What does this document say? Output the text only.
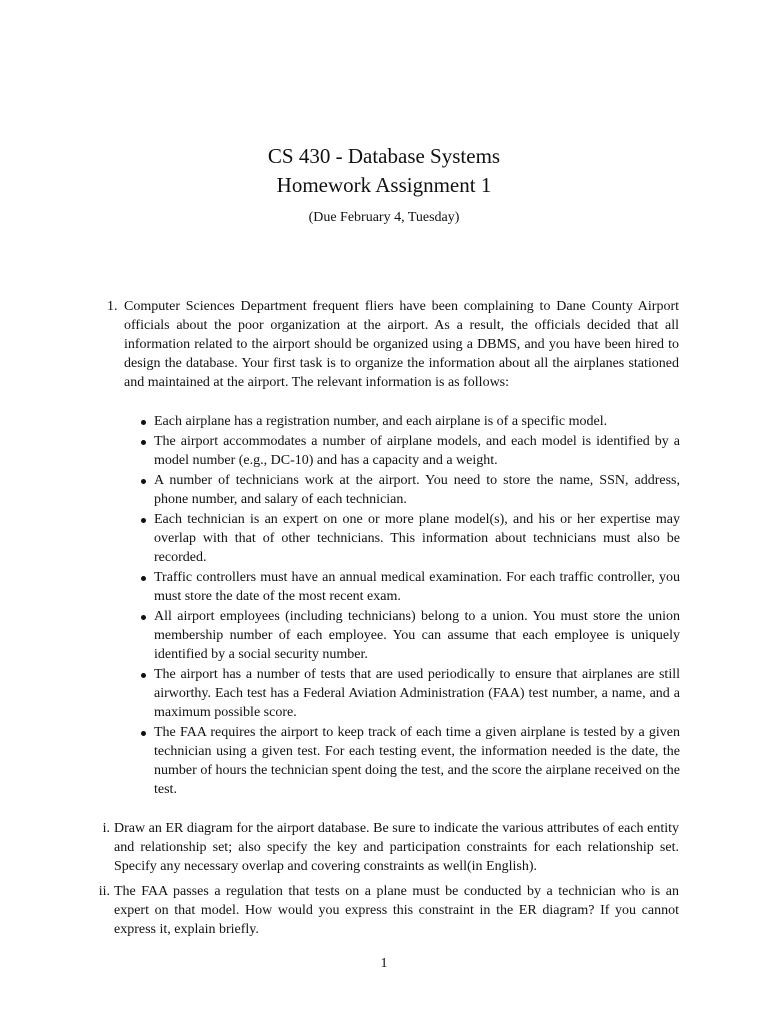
CS 430 - Database Systems
Homework Assignment 1
(Due February 4, Tuesday)
1. Computer Sciences Department frequent fliers have been complaining to Dane County Airport officials about the poor organization at the airport. As a result, the officials decided that all information related to the airport should be organized using a DBMS, and you have been hired to design the database. Your first task is to organize the information about all the airplanes stationed and maintained at the airport. The relevant information is as follows:
Each airplane has a registration number, and each airplane is of a specific model.
The airport accommodates a number of airplane models, and each model is identified by a model number (e.g., DC-10) and has a capacity and a weight.
A number of technicians work at the airport. You need to store the name, SSN, address, phone number, and salary of each technician.
Each technician is an expert on one or more plane model(s), and his or her expertise may overlap with that of other technicians. This information about technicians must also be recorded.
Traffic controllers must have an annual medical examination. For each traffic controller, you must store the date of the most recent exam.
All airport employees (including technicians) belong to a union. You must store the union membership number of each employee. You can assume that each employee is uniquely identified by a social security number.
The airport has a number of tests that are used periodically to ensure that airplanes are still airworthy. Each test has a Federal Aviation Administration (FAA) test number, a name, and a maximum possible score.
The FAA requires the airport to keep track of each time a given airplane is tested by a given technician using a given test. For each testing event, the information needed is the date, the number of hours the technician spent doing the test, and the score the airplane received on the test.
i. Draw an ER diagram for the airport database. Be sure to indicate the various attributes of each entity and relationship set; also specify the key and participation constraints for each relationship set. Specify any necessary overlap and covering constraints as well(in English).
ii. The FAA passes a regulation that tests on a plane must be conducted by a technician who is an expert on that model. How would you express this constraint in the ER diagram? If you cannot express it, explain briefly.
1
